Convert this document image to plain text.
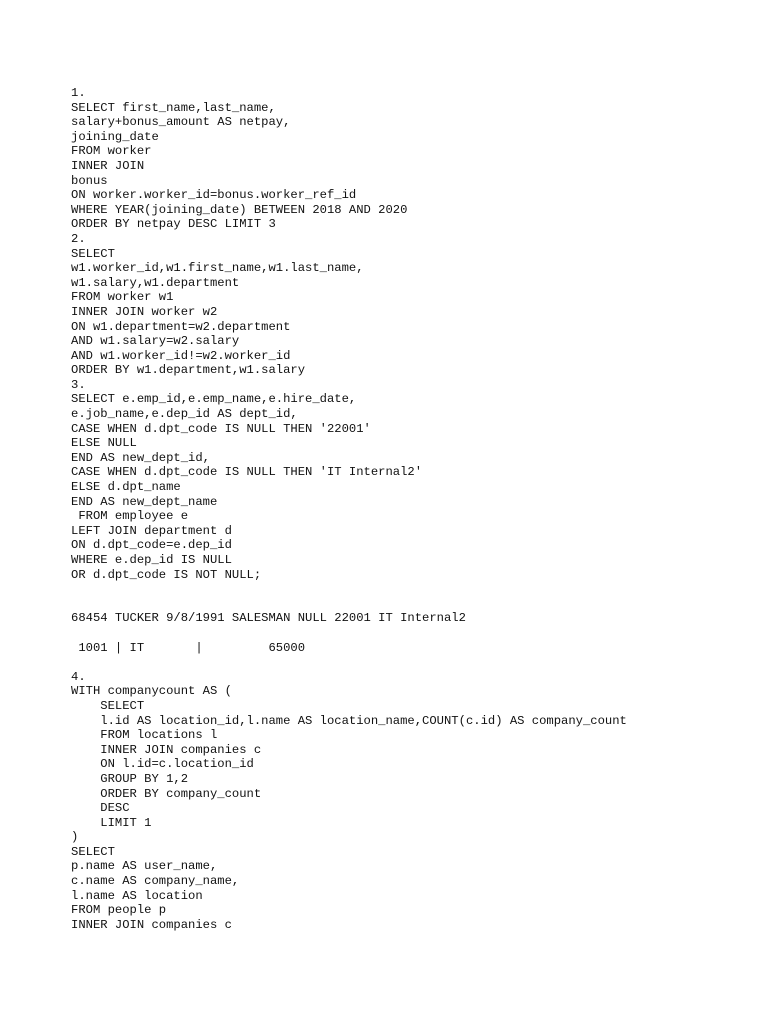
1.
SELECT first_name,last_name,
salary+bonus_amount AS netpay,
joining_date
FROM worker
INNER JOIN
bonus
ON worker.worker_id=bonus.worker_ref_id
WHERE YEAR(joining_date) BETWEEN 2018 AND 2020
ORDER BY netpay DESC LIMIT 3
2.
SELECT
w1.worker_id,w1.first_name,w1.last_name,
w1.salary,w1.department
FROM worker w1
INNER JOIN worker w2
ON w1.department=w2.department
AND w1.salary=w2.salary
AND w1.worker_id!=w2.worker_id
ORDER BY w1.department,w1.salary
3.
SELECT e.emp_id,e.emp_name,e.hire_date,
e.job_name,e.dep_id AS dept_id,
CASE WHEN d.dpt_code IS NULL THEN '22001'
ELSE NULL
END AS new_dept_id,
CASE WHEN d.dpt_code IS NULL THEN 'IT Internal2'
ELSE d.dpt_name
END AS new_dept_name
FROM employee e
LEFT JOIN department d
ON d.dpt_code=e.dep_id
WHERE e.dep_id IS NULL
OR d.dpt_code IS NOT NULL;
68454 TUCKER 9/8/1991 SALESMAN NULL 22001 IT Internal2
1001 | IT       |         65000
4.
WITH companycount AS (
SELECT
l.id AS location_id,l.name AS location_name,COUNT(c.id) AS company_count
FROM locations l
INNER JOIN companies c
ON l.id=c.location_id
GROUP BY 1,2
ORDER BY company_count
DESC
LIMIT 1
)
SELECT
p.name AS user_name,
c.name AS company_name,
l.name AS location
FROM people p
INNER JOIN companies c
